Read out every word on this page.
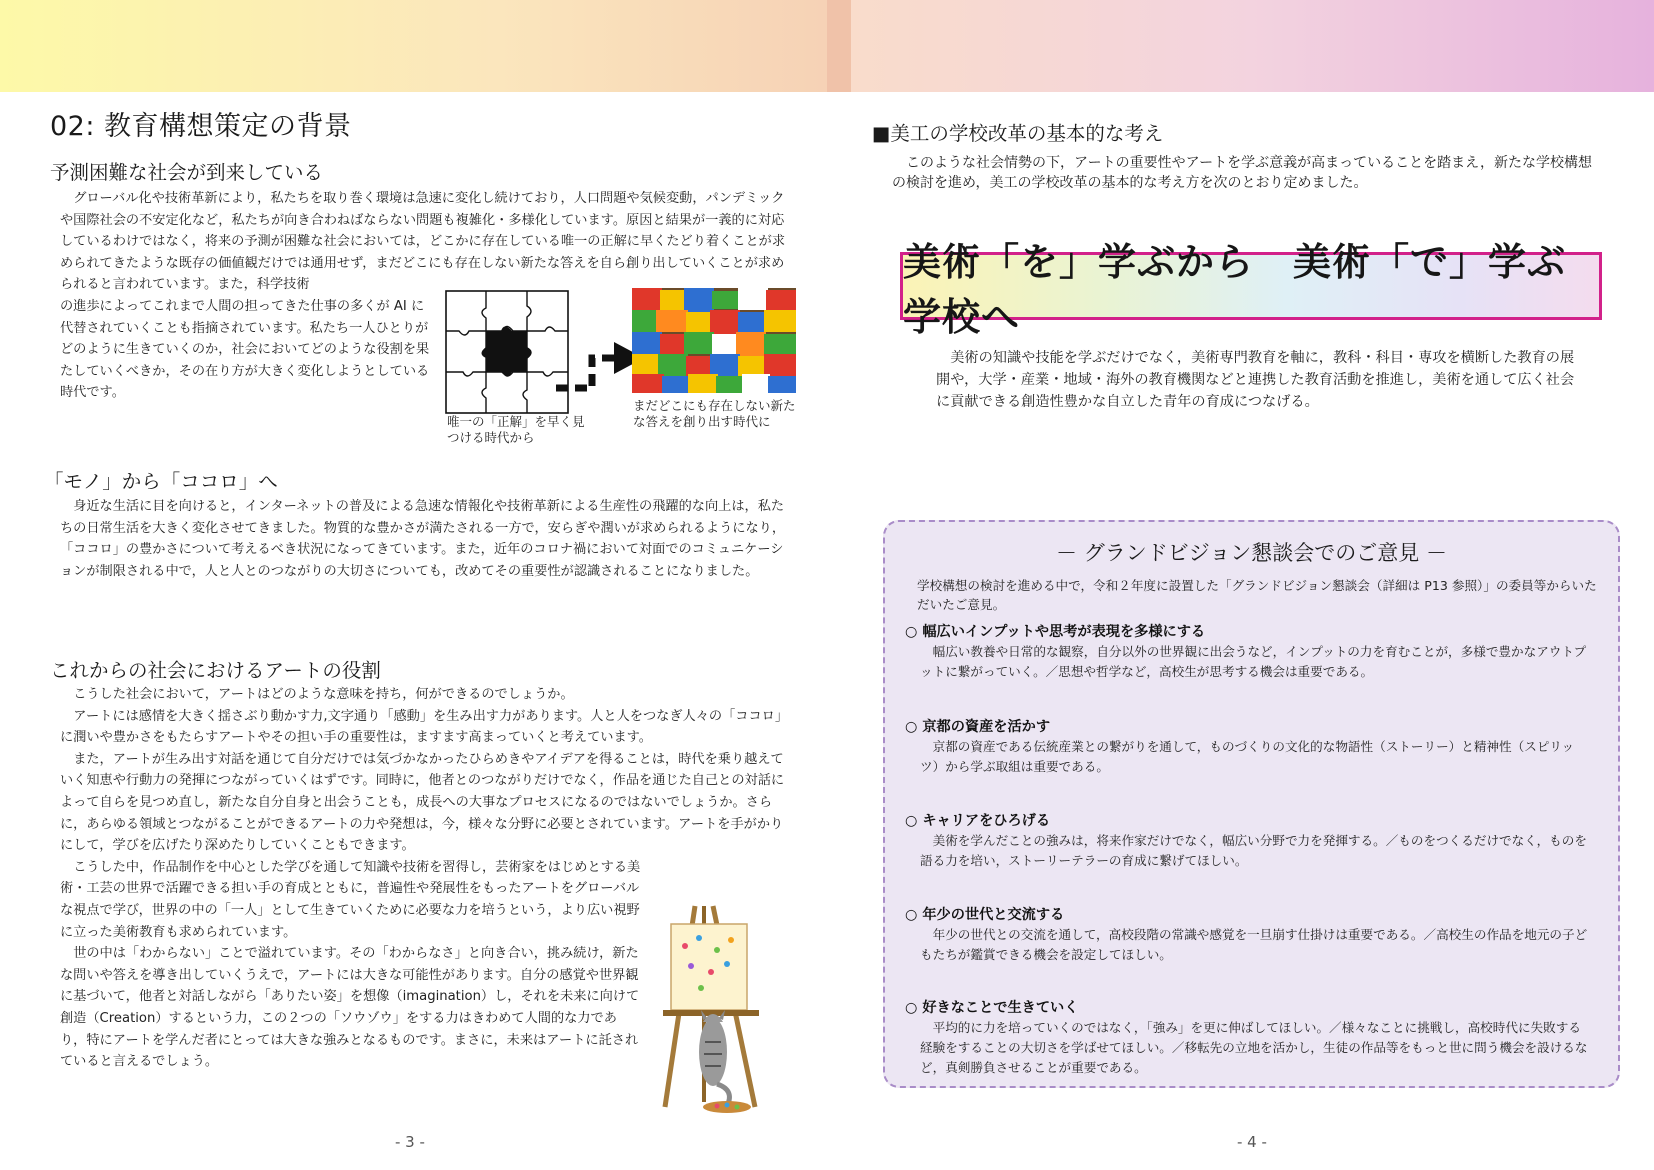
02: 教育構想策定の背景
予測困難な社会が到来している
グローバル化や技術革新により，私たちを取り巻く環境は急速に変化し続けており，人口問題や気候変動，パンデミックや国際社会の不安定化など，私たちが向き合わねばならない問題も複雑化・多様化しています。原因と結果が一義的に対応しているわけではなく，将来の予測が困難な社会においては，どこかに存在している唯一の正解に早くたどり着くことが求められてきたような既存の価値観だけでは通用せず，まだどこにも存在しない新たな答えを自ら創り出していくことが求められると言われています。また，科学技術
の進歩によってこれまで人間の担ってきた仕事の多くが AI に代替されていくことも指摘されています。私たち一人ひとりがどのように生きていくのか，社会においてどのような役割を果たしていくべきか，その在り方が大きく変化しようとしている時代です。
唯一の「正解」を早く見つける時代から
まだどこにも存在しない新たな答えを創り出す時代に
「モノ」から「ココロ」へ
身近な生活に目を向けると，インターネットの普及による急速な情報化や技術革新による生産性の飛躍的な向上は，私たちの日常生活を大きく変化させてきました。物質的な豊かさが満たされる一方で，安らぎや潤いが求められるようになり，「ココロ」の豊かさについて考えるべき状況になってきています。また，近年のコロナ禍において対面でのコミュニケーションが制限される中で，人と人とのつながりの大切さについても，改めてその重要性が認識されることになりました。
これからの社会におけるアートの役割

こうした社会において，アートはどのような意味を持ち，何ができるのでしょうか。

アートには感情を大きく揺さぶり動かす力,文字通り「感動」を生み出す力があります。人と人をつなぎ人々の「ココロ」に潤いや豊かさをもたらすアートやその担い手の重要性は，ますます高まっていくと考えています。

また，アートが生み出す対話を通じて自分だけでは気づかなかったひらめきやアイデアを得ることは，時代を乗り越えていく知恵や行動力の発揮につながっていくはずです。同時に，他者とのつながりだけでなく，作品を通じた自己との対話によって自らを見つめ直し，新たな自分自身と出会うことも，成長への大事なプロセスになるのではないでしょうか。さらに，あらゆる領域とつながることができるアートの力や発想は，今，様々な分野に必要とされています。アートを手がかりにして，学びを広げたり深めたりしていくこともできます。

こうした中，作品制作を中心とした学びを通して知識や技術を習得し，芸術家をはじめとする美術・工芸の世界で活躍できる担い手の育成とともに，普遍性や発展性をもったアートをグローバルな視点で学び，世界の中の「一人」として生きていくために必要な力を培うという，より広い視野に立った美術教育も求められています。

世の中は「わからない」ことで溢れています。その「わからなさ」と向き合い，挑み続け，新たな問いや答えを導き出していくうえで，アートには大きな可能性があります。自分の感覚や世界観に基づいて，他者と対話しながら「ありたい姿」を想像（imagination）し，それを未来に向けて創造（Creation）するという力，この２つの「ソウゾウ」をする力はきわめて人間的な力であり，特にアートを学んだ者にとっては大きな強みとなるものです。まさに，未来はアートに託されていると言えるでしょう。

- 3 -
■美工の学校改革の基本的な考え
このような社会情勢の下，アートの重要性やアートを学ぶ意義が高まっていることを踏まえ，新たな学校構想の検討を進め，美工の学校改革の基本的な考え方を次のとおり定めました。
美術「を」学ぶから　美術「で」学ぶ学校へ
美術の知識や技能を学ぶだけでなく，美術専門教育を軸に，教科・科目・専攻を横断した教育の展開や，大学・産業・地域・海外の教育機関などと連携した教育活動を推進し，美術を通して広く社会に貢献できる創造性豊かな自立した青年の育成につなげる。
－ グランドビジョン懇談会でのご意見 －
学校構想の検討を進める中で，令和２年度に設置した「グランドビジョン懇談会（詳細は P13 参照）」の委員等からいただいたご意見。
○ 幅広いインプットや思考が表現を多様にする
幅広い教養や日常的な観察，自分以外の世界観に出会うなど，インプットの力を育むことが，多様で豊かなアウトプットに繋がっていく。／思想や哲学など，高校生が思考する機会は重要である。
○ 京都の資産を活かす
京都の資産である伝統産業との繋がりを通して，ものづくりの文化的な物語性（ストーリー）と精神性（スピリッツ）から学ぶ取組は重要である。
○ キャリアをひろげる
美術を学んだことの強みは，将来作家だけでなく，幅広い分野で力を発揮する。／ものをつくるだけでなく，ものを語る力を培い，ストーリーテラーの育成に繋げてほしい。
○ 年少の世代と交流する
年少の世代との交流を通して，高校段階の常識や感覚を一旦崩す仕掛けは重要である。／高校生の作品を地元の子どもたちが鑑賞できる機会を設定してほしい。
○ 好きなことで生きていく
平均的に力を培っていくのではなく，「強み」を更に伸ばしてほしい。／様々なことに挑戦し，高校時代に失敗する経験をすることの大切さを学ばせてほしい。／移転先の立地を活かし，生徒の作品等をもっと世に問う機会を設けるなど，真剣勝負させることが重要である。
- 4 -
